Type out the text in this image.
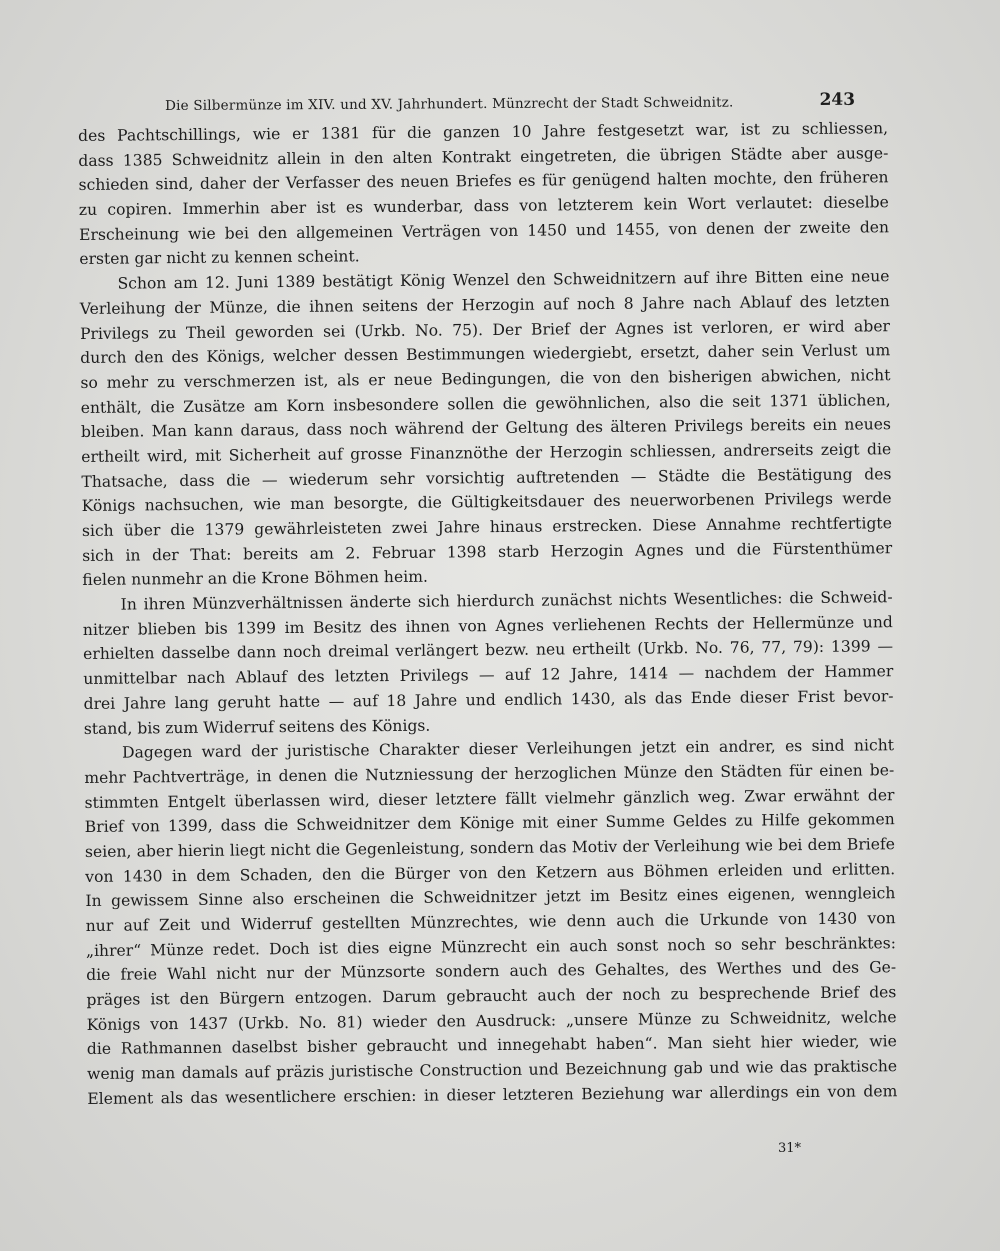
Die Silbermünze im XIV. und XV. Jahrhundert. Münzrecht der Stadt Schweidnitz.	243
des Pachtschillings, wie er 1381 für die ganzen 10 Jahre festgesetzt war, ist zu schliessen,
dass 1385 Schweidnitz allein in den alten Kontrakt eingetreten, die übrigen Städte aber ausge-
schieden sind, daher der Verfasser des neuen Briefes es für genügend halten mochte, den früheren
zu copiren. Immerhin aber ist es wunderbar, dass von letzterem kein Wort verlautet: dieselbe
Erscheinung wie bei den allgemeinen Verträgen von 1450 und 1455, von denen der zweite den
ersten gar nicht zu kennen scheint.
Schon am 12. Juni 1389 bestätigt König Wenzel den Schweidnitzern auf ihre Bitten eine neue
Verleihung der Münze, die ihnen seitens der Herzogin auf noch 8 Jahre nach Ablauf des letzten
Privilegs zu Theil geworden sei (Urkb. No. 75). Der Brief der Agnes ist verloren, er wird aber
durch den des Königs, welcher dessen Bestimmungen wiedergiebt, ersetzt, daher sein Verlust um
so mehr zu verschmerzen ist, als er neue Bedingungen, die von den bisherigen abwichen, nicht
enthält, die Zusätze am Korn insbesondere sollen die gewöhnlichen, also die seit 1371 üblichen,
bleiben. Man kann daraus, dass noch während der Geltung des älteren Privilegs bereits ein neues
ertheilt wird, mit Sicherheit auf grosse Finanznöthe der Herzogin schliessen, andrerseits zeigt die
Thatsache, dass die — wiederum sehr vorsichtig auftretenden — Städte die Bestätigung des
Königs nachsuchen, wie man besorgte, die Gültigkeitsdauer des neuerworbenen Privilegs werde
sich über die 1379 gewährleisteten zwei Jahre hinaus erstrecken. Diese Annahme rechtfertigte
sich in der That: bereits am 2. Februar 1398 starb Herzogin Agnes und die Fürstenthümer
fielen nunmehr an die Krone Böhmen heim.
In ihren Münzverhältnissen änderte sich hierdurch zunächst nichts Wesentliches: die Schweid-
nitzer blieben bis 1399 im Besitz des ihnen von Agnes verliehenen Rechts der Hellermünze und
erhielten dasselbe dann noch dreimal verlängert bezw. neu ertheilt (Urkb. No. 76, 77, 79): 1399 —
unmittelbar nach Ablauf des letzten Privilegs — auf 12 Jahre, 1414 — nachdem der Hammer
drei Jahre lang geruht hatte — auf 18 Jahre und endlich 1430, als das Ende dieser Frist bevor-
stand, bis zum Widerruf seitens des Königs.
Dagegen ward der juristische Charakter dieser Verleihungen jetzt ein andrer, es sind nicht
mehr Pachtverträge, in denen die Nutzniessung der herzoglichen Münze den Städten für einen be-
stimmten Entgelt überlassen wird, dieser letztere fällt vielmehr gänzlich weg. Zwar erwähnt der
Brief von 1399, dass die Schweidnitzer dem Könige mit einer Summe Geldes zu Hilfe gekommen
seien, aber hierin liegt nicht die Gegenleistung, sondern das Motiv der Verleihung wie bei dem Briefe
von 1430 in dem Schaden, den die Bürger von den Ketzern aus Böhmen erleiden und erlitten.
In gewissem Sinne also erscheinen die Schweidnitzer jetzt im Besitz eines eigenen, wenngleich
nur auf Zeit und Widerruf gestellten Münzrechtes, wie denn auch die Urkunde von 1430 von
„ihrer“ Münze redet. Doch ist dies eigne Münzrecht ein auch sonst noch so sehr beschränktes:
die freie Wahl nicht nur der Münzsorte sondern auch des Gehaltes, des Werthes und des Ge-
präges ist den Bürgern entzogen. Darum gebraucht auch der noch zu besprechende Brief des
Königs von 1437 (Urkb. No. 81) wieder den Ausdruck: „unsere Münze zu Schweidnitz, welche
die Rathmannen daselbst bisher gebraucht und innegehabt haben“. Man sieht hier wieder, wie
wenig man damals auf präzis juristische Construction und Bezeichnung gab und wie das praktische
Element als das wesentlichere erschien: in dieser letzteren Beziehung war allerdings ein von dem
31*
